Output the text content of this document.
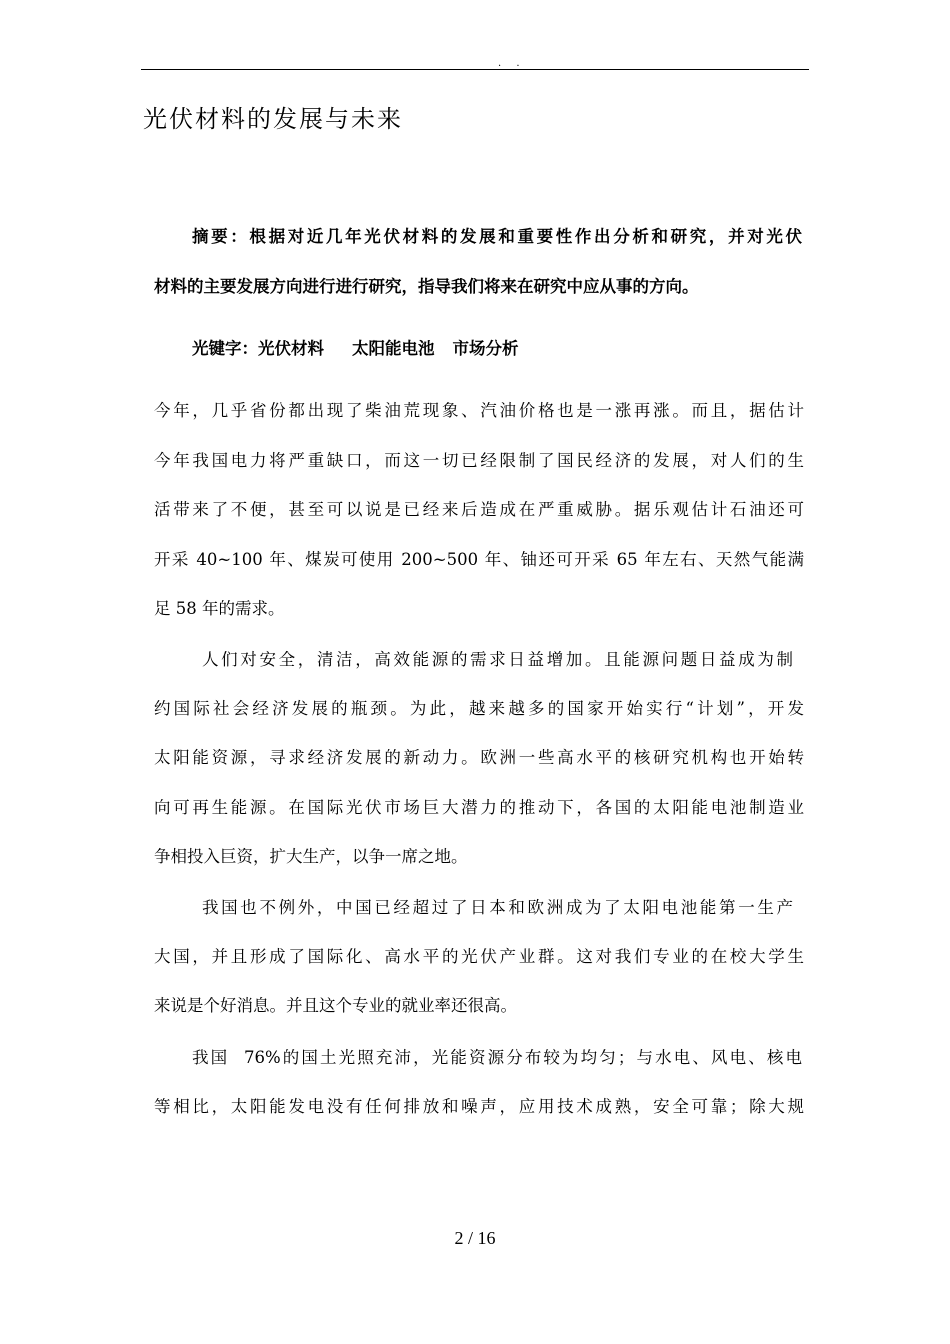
. .
光伏材料的发展与未来
摘要：根据对近几年光伏材料的发展和重要性作出分析和研究，并对光伏
材料的主要发展方向进行进行研究，指导我们将来在研究中应从事的方向。
光键字：光伏材料 太阳能电池 市场分析
今年，几乎省份都出现了柴油荒现象、汽油价格也是一涨再涨。而且，据估计
今年我国电力将严重缺口，而这一切已经限制了国民经济的发展，对人们的生
活带来了不便，甚至可以说是已经来后造成在严重威胁。据乐观估计石油还可
开采 40~100 年、煤炭可使用 200~500 年、铀还可开采 65 年左右、天然气能满
足 58 年的需求。
人们对安全，清洁，高效能源的需求日益增加。且能源问题日益成为制
约国际社会经济发展的瓶颈。为此，越来越多的国家开始实行“计划”，开发
太阳能资源，寻求经济发展的新动力。欧洲一些高水平的核研究机构也开始转
向可再生能源。在国际光伏市场巨大潜力的推动下，各国的太阳能电池制造业
争相投入巨资，扩大生产，以争一席之地。
我国也不例外，中国已经超过了日本和欧洲成为了太阳电池能第一生产
大国，并且形成了国际化、高水平的光伏产业群。这对我们专业的在校大学生
来说是个好消息。并且这个专业的就业率还很高。
我国  76%的国土光照充沛，光能资源分布较为均匀；与水电、风电、核电
等相比，太阳能发电没有任何排放和噪声，应用技术成熟，安全可靠；除大规
2 / 16
